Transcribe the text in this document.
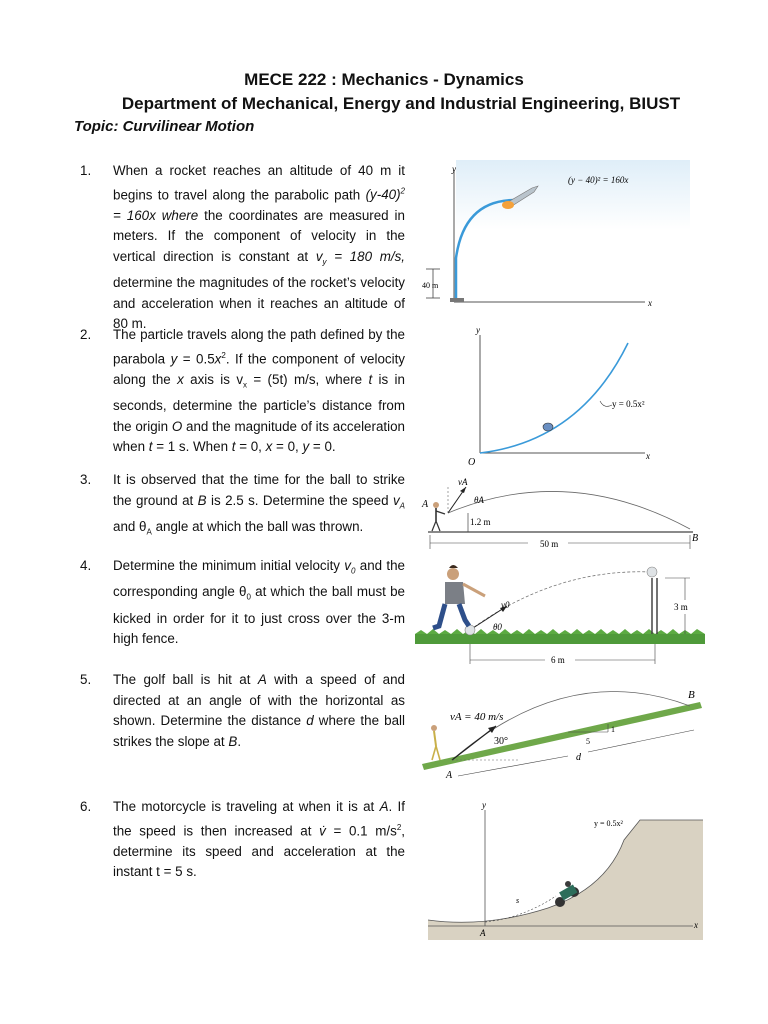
MECE 222 : Mechanics - Dynamics
Department of Mechanical, Energy and Industrial Engineering, BIUST
Topic: Curvilinear Motion
1. When a rocket reaches an altitude of 40 m it begins to travel along the parabolic path $(y-40)^2 = 160x$ where the coordinates are measured in meters. If the component of velocity in the vertical direction is constant at $v_y = 180$ m/s, determine the magnitudes of the rocket’s velocity and acceleration when it reaches an altitude of 80 m.
2. The particle travels along the path defined by the parabola $y = 0.5x^2$. If the component of velocity along the x axis is $v_x = (5t)$ m/s, where t is in seconds, determine the particle’s distance from the origin O and the magnitude of its acceleration when t = 1 s. When t = 0, x = 0, y = 0.
3. It is observed that the time for the ball to strike the ground at B is 2.5 s. Determine the speed $v_A$ and $\theta_A$ angle at which the ball was thrown.
4. Determine the minimum initial velocity $v_0$ and the corresponding angle $\theta_0$ at which the ball must be kicked in order for it to just cross over the 3-m high fence.
5. The golf ball is hit at A with a speed of and directed at an angle of with the horizontal as shown. Determine the distance d where the ball strikes the slope at B.
6. The motorcycle is traveling at when it is at A. If the speed is then increased at v̇ = 0.1 $m/s^2$, determine its speed and acceleration at the instant t = 5 s.
y
x
40 m
(y − 40)² = 160x
y
x
O
y = 0.5x²
vA
θA
A
B
1.2 m
50 m
v0
θ0
3 m
6 m
vA = 40 m/s
30°
A
B
5
1
d
y
x
y = 0.5x²
s
A
